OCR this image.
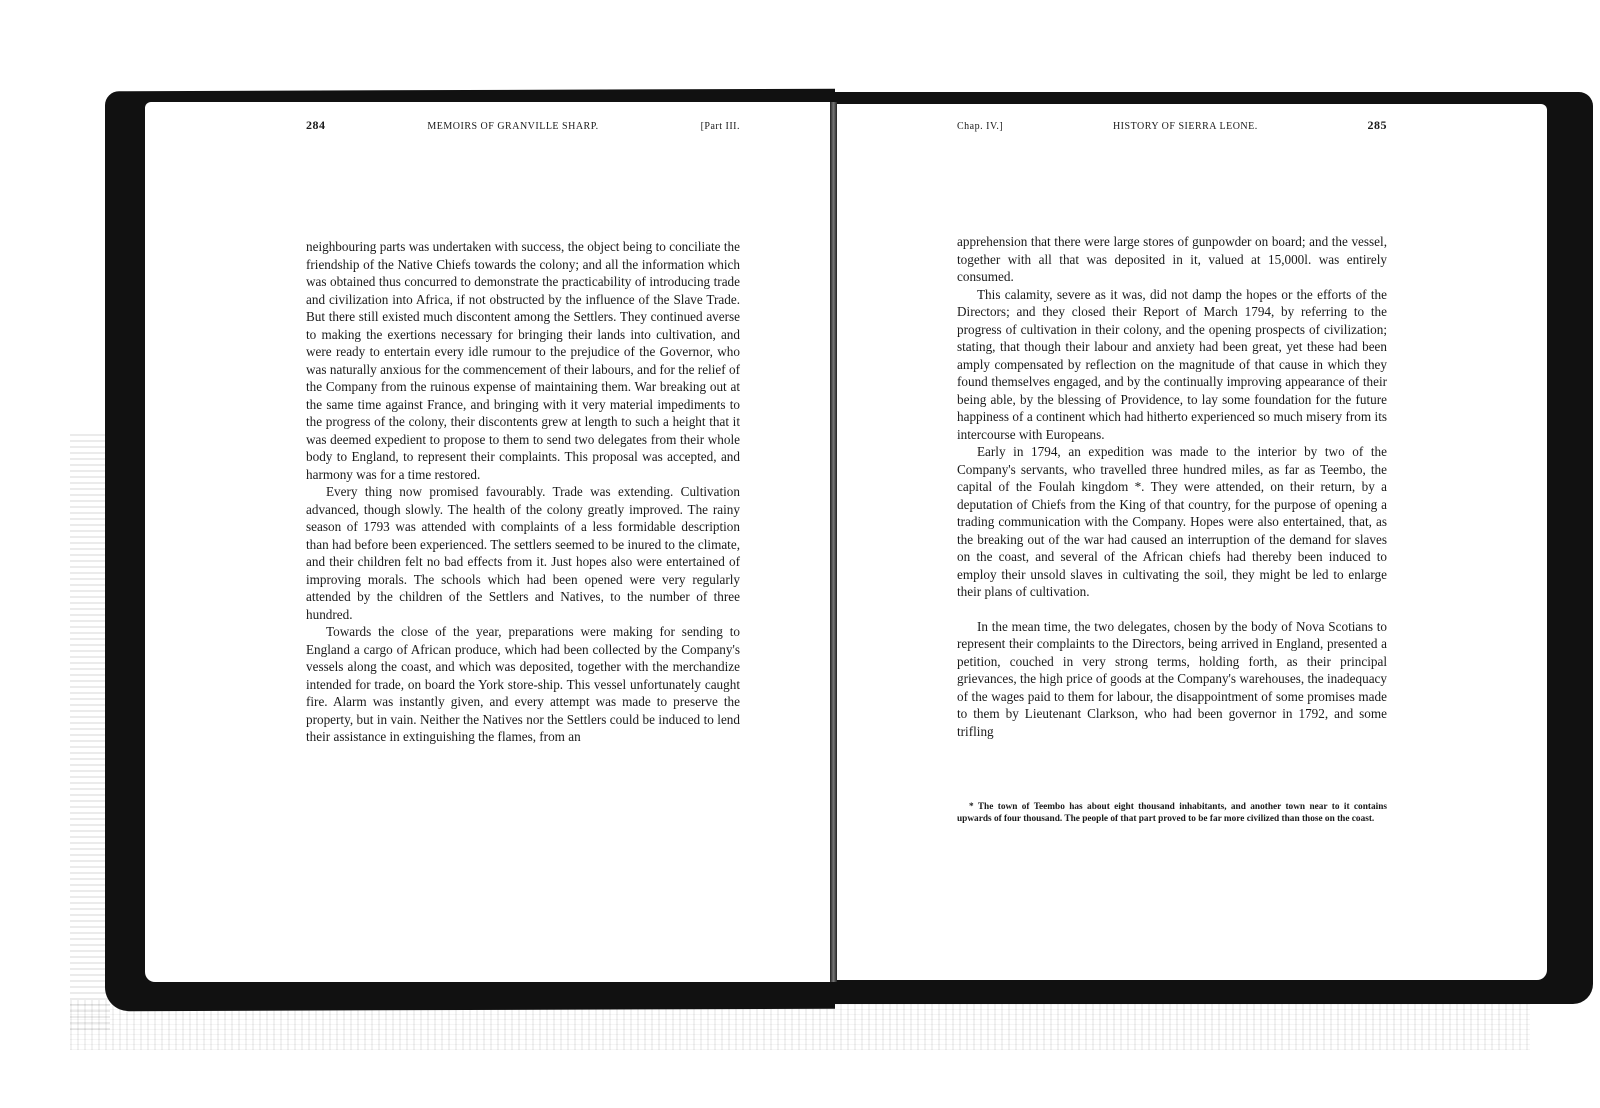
284	MEMOIRS OF GRANVILLE SHARP.	[Part III.

neighbouring parts was undertaken with success, the object being to conciliate the friendship of the Native Chiefs towards the colony; and all the information which was obtained thus concurred to demonstrate the practicability of introducing trade and civilization into Africa, if not obstructed by the influence of the Slave Trade. But there still existed much discontent among the Settlers. They continued averse to making the exertions necessary for bringing their lands into cultivation, and were ready to entertain every idle rumour to the prejudice of the Governor, who was naturally anxious for the commencement of their labours, and for the relief of the Company from the ruinous expense of maintaining them. War breaking out at the same time against France, and bringing with it very material impediments to the progress of the colony, their discontents grew at length to such a height that it was deemed expedient to propose to them to send two delegates from their whole body to England, to represent their complaints. This proposal was accepted, and harmony was for a time restored.

Every thing now promised favourably. Trade was extending. Cultivation advanced, though slowly. The health of the colony greatly improved. The rainy season of 1793 was attended with complaints of a less formidable description than had before been experienced. The settlers seemed to be inured to the climate, and their children felt no bad effects from it. Just hopes also were entertained of improving morals. The schools which had been opened were very regularly attended by the children of the Settlers and Natives, to the number of three hundred.

Towards the close of the year, preparations were making for sending to England a cargo of African produce, which had been collected by the Company's vessels along the coast, and which was deposited, together with the merchandize intended for trade, on board the York store-ship. This vessel unfortunately caught fire. Alarm was instantly given, and every attempt was made to preserve the property, but in vain. Neither the Natives nor the Settlers could be induced to lend their assistance in extinguishing the flames, from an

Chap. IV.]	HISTORY OF SIERRA LEONE.	285

apprehension that there were large stores of gunpowder on board; and the vessel, together with all that was deposited in it, valued at 15,000l. was entirely consumed.

This calamity, severe as it was, did not damp the hopes or the efforts of the Directors; and they closed their Report of March 1794, by referring to the progress of cultivation in their colony, and the opening prospects of civilization; stating, that though their labour and anxiety had been great, yet these had been amply compensated by reflection on the magnitude of that cause in which they found themselves engaged, and by the continually improving appearance of their being able, by the blessing of Providence, to lay some foundation for the future happiness of a continent which had hitherto experienced so much misery from its intercourse with Europeans.

Early in 1794, an expedition was made to the interior by two of the Company's servants, who travelled three hundred miles, as far as Teembo, the capital of the Foulah kingdom *. They were attended, on their return, by a deputation of Chiefs from the King of that country, for the purpose of opening a trading communication with the Company. Hopes were also entertained, that, as the breaking out of the war had caused an interruption of the demand for slaves on the coast, and several of the African chiefs had thereby been induced to employ their unsold slaves in cultivating the soil, they might be led to enlarge their plans of cultivation.

In the mean time, the two delegates, chosen by the body of Nova Scotians to represent their complaints to the Directors, being arrived in England, presented a petition, couched in very strong terms, holding forth, as their principal grievances, the high price of goods at the Company's warehouses, the inadequacy of the wages paid to them for labour, the disappointment of some promises made to them by Lieutenant Clarkson, who had been governor in 1792, and some trifling

* The town of Teembo has about eight thousand inhabitants, and another town near to it contains upwards of four thousand. The people of that part proved to be far more civilized than those on the coast.
